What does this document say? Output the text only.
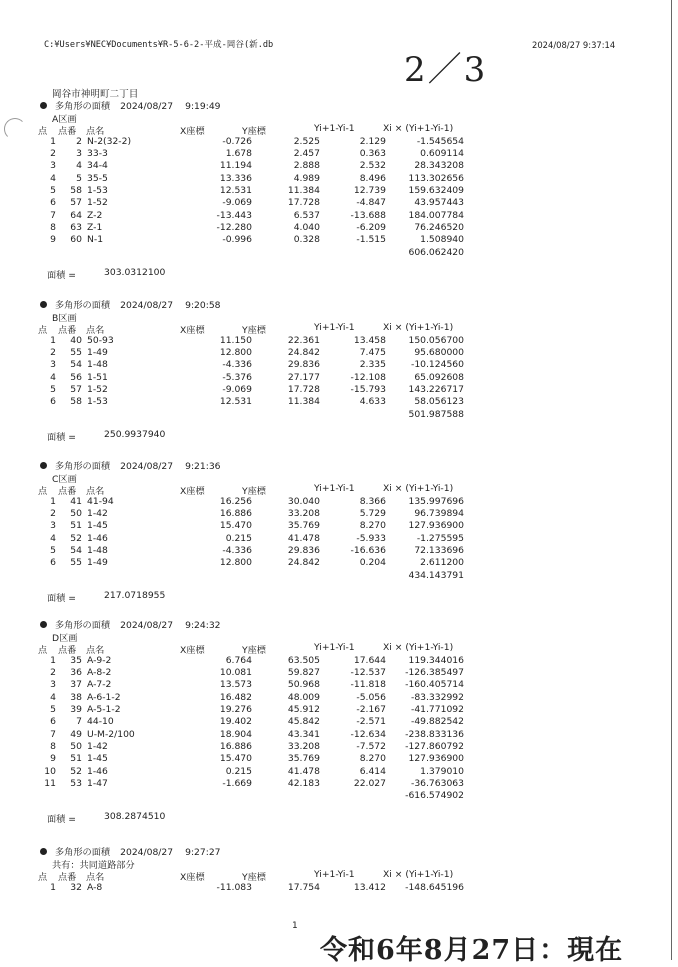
C:¥Users¥NEC¥Documents¥R-5-6-2-平成-岡谷(新.db	2024/08/27 9:37:14
2／3
岡谷市神明町二丁目
多角形の面積 2024/08/27 9:19:49
A区画
点 点番 点名	X座標	Y座標	Yi+1-Yi-1	Xi × (Yi+1-Yi-1)
1	2 N-2(32-2)	-0.726	2.525	2.129	-1.545654
2	3 33-3	1.678	2.457	0.363	0.609114
3	4 34-4	11.194	2.888	2.532	28.343208
4	5 35-5	13.336	4.989	8.496	113.302656
5	58 1-53	12.531	11.384	12.739	159.632409
6	57 1-52	-9.069	17.728	-4.847	43.957443
7	64 Z-2	-13.443	6.537	-13.688	184.007784
8	63 Z-1	-12.280	4.040	-6.209	76.246520
9	60 N-1	-0.996	0.328	-1.515	1.508940
606.062420
面積 =	303.0312100
多角形の面積 2024/08/27 9:20:58
B区画
点 点番 点名	X座標	Y座標	Yi+1-Yi-1	Xi × (Yi+1-Yi-1)
1	40 50-93	11.150	22.361	13.458	150.056700
2	55 1-49	12.800	24.842	7.475	95.680000
3	54 1-48	-4.336	29.836	2.335	-10.124560
4	56 1-51	-5.376	27.177	-12.108	65.092608
5	57 1-52	-9.069	17.728	-15.793	143.226717
6	58 1-53	12.531	11.384	4.633	58.056123
501.987588
面積 =	250.9937940
多角形の面積 2024/08/27 9:21:36
C区画
点 点番 点名	X座標	Y座標	Yi+1-Yi-1	Xi × (Yi+1-Yi-1)
1	41 41-94	16.256	30.040	8.366	135.997696
2	50 1-42	16.886	33.208	5.729	96.739894
3	51 1-45	15.470	35.769	8.270	127.936900
4	52 1-46	0.215	41.478	-5.933	-1.275595
5	54 1-48	-4.336	29.836	-16.636	72.133696
6	55 1-49	12.800	24.842	0.204	2.611200
434.143791
面積 =	217.0718955
多角形の面積 2024/08/27 9:24:32
D区画
点 点番 点名	X座標	Y座標	Yi+1-Yi-1	Xi × (Yi+1-Yi-1)
1	35 A-9-2	6.764	63.505	17.644	119.344016
2	36 A-8-2	10.081	59.827	-12.537	-126.385497
3	37 A-7-2	13.573	50.968	-11.818	-160.405714
4	38 A-6-1-2	16.482	48.009	-5.056	-83.332992
5	39 A-5-1-2	19.276	45.912	-2.167	-41.771092
6	7 44-10	19.402	45.842	-2.571	-49.882542
7	49 U-M-2/100	18.904	43.341	-12.634	-238.833136
8	50 1-42	16.886	33.208	-7.572	-127.860792
9	51 1-45	15.470	35.769	8.270	127.936900
10	52 1-46	0.215	41.478	6.414	1.379010
11	53 1-47	-1.669	42.183	22.027	-36.763063
-616.574902
面積 =	308.2874510
多角形の面積 2024/08/27 9:27:27
共有：共同道路部分
点 点番 点名	X座標	Y座標	Yi+1-Yi-1	Xi × (Yi+1-Yi-1)
1	32 A-8	-11.083	17.754	13.412	-148.645196
1
令和6年8月27日：現在
